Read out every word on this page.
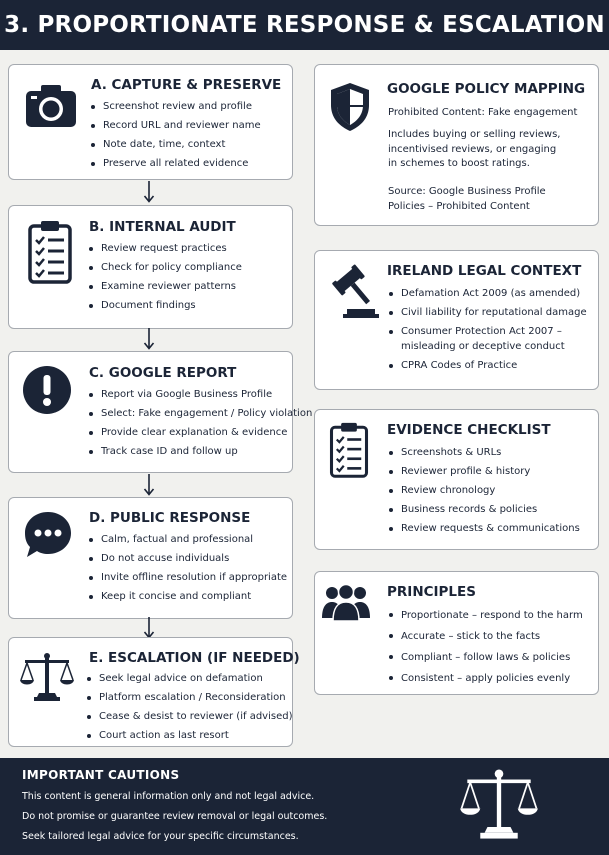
3. PROPORTIONATE RESPONSE & ESCALATION
A. CAPTURE & PRESERVE
Screenshot review and profile
Record URL and reviewer name
Note date, time, context
Preserve all related evidence
B. INTERNAL AUDIT
Review request practices
Check for policy compliance
Examine reviewer patterns
Document findings
C. GOOGLE REPORT
Report via Google Business Profile
Select: Fake engagement / Policy violation
Provide clear explanation & evidence
Track case ID and follow up
D. PUBLIC RESPONSE
Calm, factual and professional
Do not accuse individuals
Invite offline resolution if appropriate
Keep it concise and compliant
E. ESCALATION (IF NEEDED)
Seek legal advice on defamation
Platform escalation / Reconsideration
Cease & desist to reviewer (if advised)
Court action as last resort
GOOGLE POLICY MAPPING

Prohibited Content: Fake engagement

Includes buying or selling reviews,
incentivised reviews, or engaging
in schemes to boost ratings.

Source: Google Business Profile
Policies – Prohibited Content

IRELAND LEGAL CONTEXT
Defamation Act 2009 (as amended)
Civil liability for reputational damage
Consumer Protection Act 2007 –
misleading or deceptive conduct
CPRA Codes of Practice
EVIDENCE CHECKLIST
Screenshots & URLs
Reviewer profile & history
Review chronology
Business records & policies
Review requests & communications
PRINCIPLES
Proportionate – respond to the harm
Accurate – stick to the facts
Compliant – follow laws & policies
Consistent – apply policies evenly
IMPORTANT CAUTIONS
This content is general information only and not legal advice.
Do not promise or guarantee review removal or legal outcomes.
Seek tailored legal advice for your specific circumstances.
